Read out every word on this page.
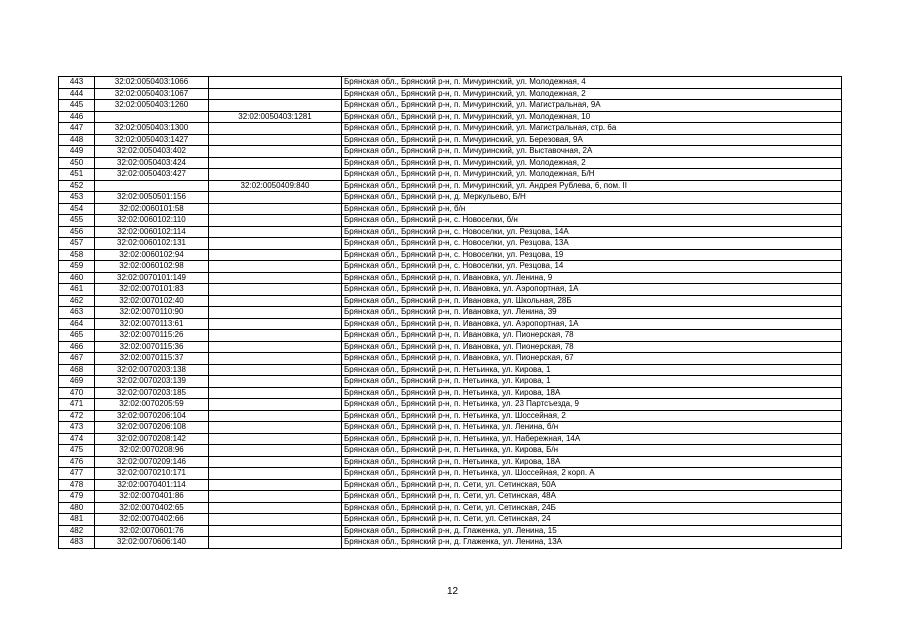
443	32:02:0050403:1066		Брянская обл., Брянский р-н, п. Мичуринский, ул. Молодежная, 4
444	32:02:0050403:1067		Брянская обл., Брянский р-н, п. Мичуринский, ул. Молодежная, 2
445	32:02:0050403:1260		Брянская обл., Брянский р-н, п. Мичуринский, ул. Магистральная, 9А
446		32:02:0050403:1281	Брянская обл., Брянский р-н, п. Мичуринский, ул. Молодежная, 10
447	32:02:0050403:1300		Брянская обл., Брянский р-н, п. Мичуринский, ул. Магистральная, стр. 6а
448	32:02:0050403:1427		Брянская обл., Брянский р-н, п. Мичуринский, ул. Березовая, 9А
449	32:02:0050403:402		Брянская обл., Брянский р-н, п. Мичуринский, ул. Выставочная, 2А
450	32:02:0050403:424		Брянская обл., Брянский р-н, п. Мичуринский, ул. Молодежная, 2
451	32:02:0050403:427		Брянская обл., Брянский р-н, п. Мичуринский, ул. Молодежная, Б/Н
452		32:02:0050409:840	Брянская обл., Брянский р-н, п. Мичуринский, ул. Андрея Рублева, 6, пом. II
453	32:02:0050501:156		Брянская обл., Брянский р-н, д. Меркульево, Б/Н
454	32:02:0060101:58		Брянская обл., Брянский р-н, б/н
455	32:02:0060102:110		Брянская обл., Брянский р-н, с. Новоселки, б/н
456	32:02:0060102:114		Брянская обл., Брянский р-н, с. Новоселки, ул. Резцова, 14А
457	32:02:0060102:131		Брянская обл., Брянский р-н, с. Новоселки, ул. Резцова, 13А
458	32:02:0060102:94		Брянская обл., Брянский р-н, с. Новоселки, ул. Резцова, 19
459	32:02:0060102:98		Брянская обл., Брянский р-н, с. Новоселки, ул. Резцова, 14
460	32:02:0070101:149		Брянская обл., Брянский р-н, п. Ивановка, ул. Ленина, 9
461	32:02:0070101:83		Брянская обл., Брянский р-н, п. Ивановка, ул. Аэропортная, 1А
462	32:02:0070102:40		Брянская обл., Брянский р-н, п. Ивановка, ул. Школьная, 28Б
463	32:02:0070110:90		Брянская обл., Брянский р-н, п. Ивановка, ул. Ленина, 39
464	32:02:0070113:61		Брянская обл., Брянский р-н, п. Ивановка, ул. Аэропортная, 1А
465	32:02:0070115:26		Брянская обл., Брянский р-н, п. Ивановка, ул. Пионерская, 78
466	32:02:0070115:36		Брянская обл., Брянский р-н, п. Ивановка, ул. Пионерская, 78
467	32:02:0070115:37		Брянская обл., Брянский р-н, п. Ивановка, ул. Пионерская, 67
468	32:02:0070203:138		Брянская обл., Брянский р-н, п. Нетьинка, ул. Кирова, 1
469	32:02:0070203:139		Брянская обл., Брянский р-н, п. Нетьинка, ул. Кирова, 1
470	32:02:0070203:185		Брянская обл., Брянский р-н, п. Нетьинка, ул. Кирова, 18А
471	32:02:0070205:59		Брянская обл., Брянский р-н, п. Нетьинка, ул. 23 Партсъезда, 9
472	32:02:0070206:104		Брянская обл., Брянский р-н, п. Нетьинка, ул. Шоссейная, 2
473	32:02:0070206:108		Брянская обл., Брянский р-н, п. Нетьинка, ул. Ленина, б/н
474	32:02:0070208:142		Брянская обл., Брянский р-н, п. Нетьинка, ул. Набережная, 14А
475	32:02:0070208:96		Брянская обл., Брянский р-н, п. Нетьинка, ул. Кирова, Б/н
476	32:02:0070209:146		Брянская обл., Брянский р-н, п. Нетьинка, ул. Кирова, 18А
477	32:02:0070210:171		Брянская обл., Брянский р-н, п. Нетьинка, ул. Шоссейная, 2 корп. А
478	32:02:0070401:114		Брянская обл., Брянский р-н, п. Сети, ул. Сетинская, 50А
479	32:02:0070401:86		Брянская обл., Брянский р-н, п. Сети, ул. Сетинская, 48А
480	32:02:0070402:65		Брянская обл., Брянский р-н, п. Сети, ул. Сетинская, 24Б
481	32:02:0070402:66		Брянская обл., Брянский р-н, п. Сети, ул. Сетинская, 24
482	32:02:0070601:76		Брянская обл., Брянский р-н, д. Глаженка, ул. Ленина, 15
483	32:02:0070606:140		Брянская обл., Брянский р-н, д. Глаженка, ул. Ленина, 13А
12
